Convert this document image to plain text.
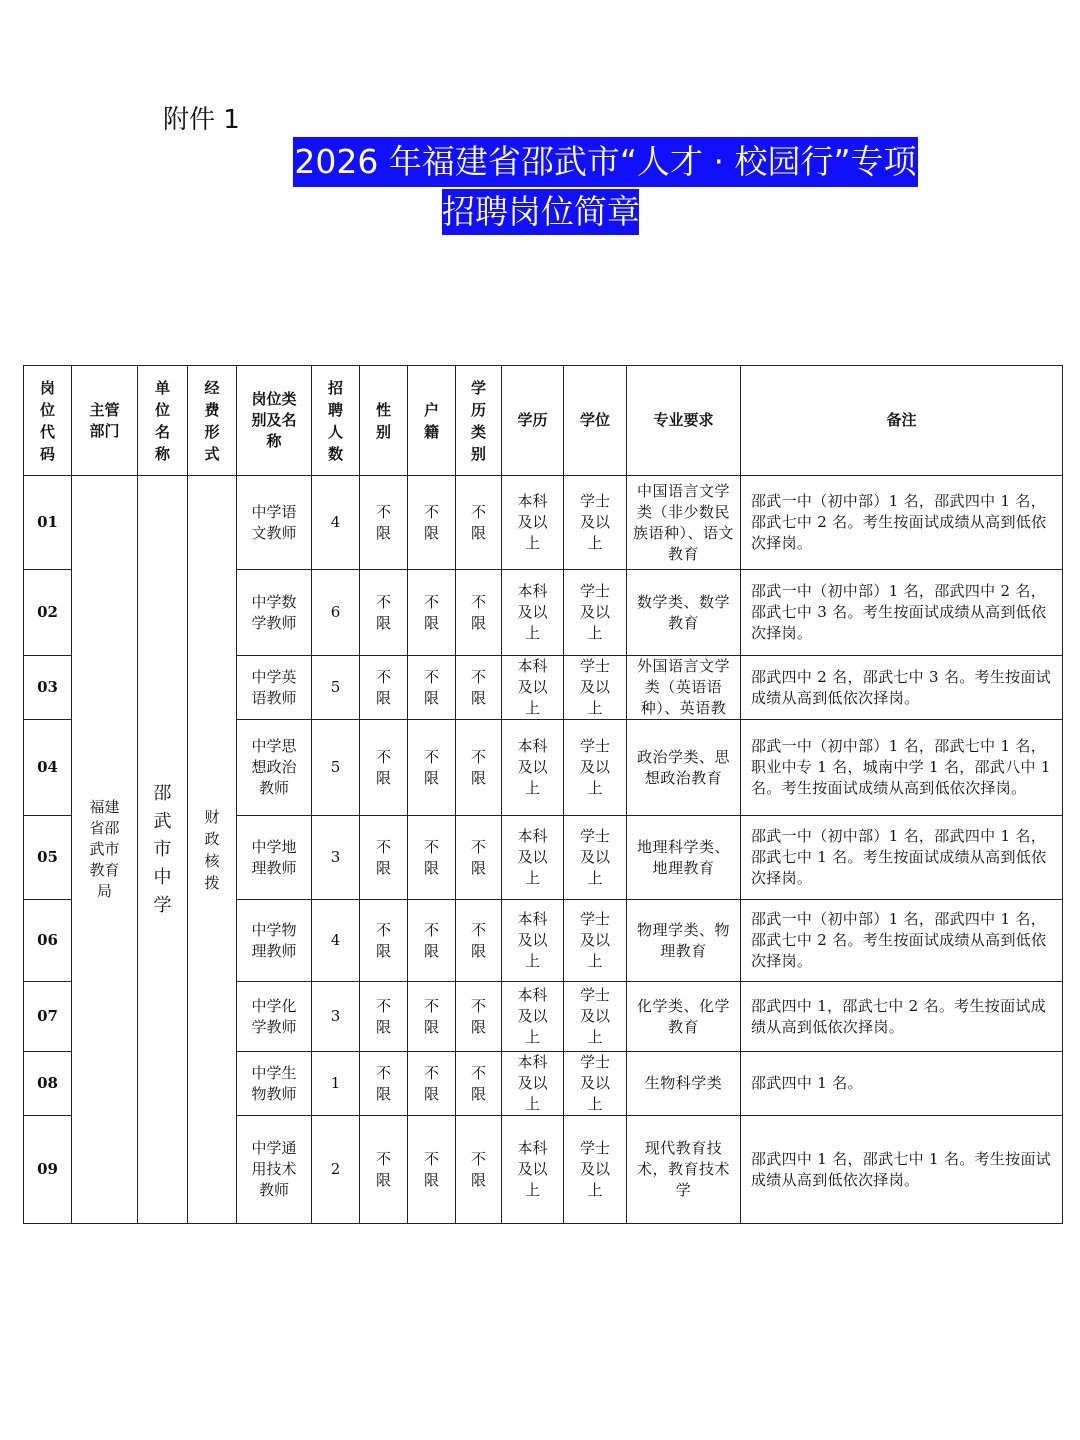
附件 1
2026 年福建省邵武市“人才 · 校园行”专项
招聘岗位简章
岗位代码	主管部门	单位名称	经费形式	岗位类别及名称	招聘人数	性别	户籍	学历类别	学历	学位	专业要求	备注
01	福建省邵武市教育局	邵武市中学	财政核拨	中学语文教师	4	不限	不限	不限	本科及以上	学士及以上	中国语言文学类（非少数民族语种）、语文教育	邵武一中（初中部）1 名，邵武四中 1 名，邵武七中 2 名。考生按面试成绩从高到低依次择岗。
02				中学数学教师	6	不限	不限	不限	本科及以上	学士及以上	数学类、数学教育	邵武一中（初中部）1 名，邵武四中 2 名，邵武七中 3 名。考生按面试成绩从高到低依次择岗。
03				中学英语教师	5	不限	不限	不限	本科及以上	学士及以上	外国语言文学类（英语语种）、英语教	邵武四中 2 名，邵武七中 3 名。考生按面试成绩从高到低依次择岗。
04				中学思想政治教师	5	不限	不限	不限	本科及以上	学士及以上	政治学类、思想政治教育	邵武一中（初中部）1 名，邵武七中 1 名，职业中专 1 名，城南中学 1 名，邵武八中 1 名。考生按面试成绩从高到低依次择岗。
05				中学地理教师	3	不限	不限	不限	本科及以上	学士及以上	地理科学类、地理教育	邵武一中（初中部）1 名，邵武四中 1 名，邵武七中 1 名。考生按面试成绩从高到低依次择岗。
06				中学物理教师	4	不限	不限	不限	本科及以上	学士及以上	物理学类、物理教育	邵武一中（初中部）1 名，邵武四中 1 名，邵武七中 2 名。考生按面试成绩从高到低依次择岗。
07				中学化学教师	3	不限	不限	不限	本科及以上	学士及以上	化学类、化学教育	邵武四中 1，邵武七中 2 名。考生按面试成绩从高到低依次择岗。
08				中学生物教师	1	不限	不限	不限	本科及以上	学士及以上	生物科学类	邵武四中 1 名。
09				中学通用技术教师	2	不限	不限	不限	本科及以上	学士及以上	现代教育技术，教育技术学	邵武四中 1 名，邵武七中 1 名。考生按面试成绩从高到低依次择岗。
